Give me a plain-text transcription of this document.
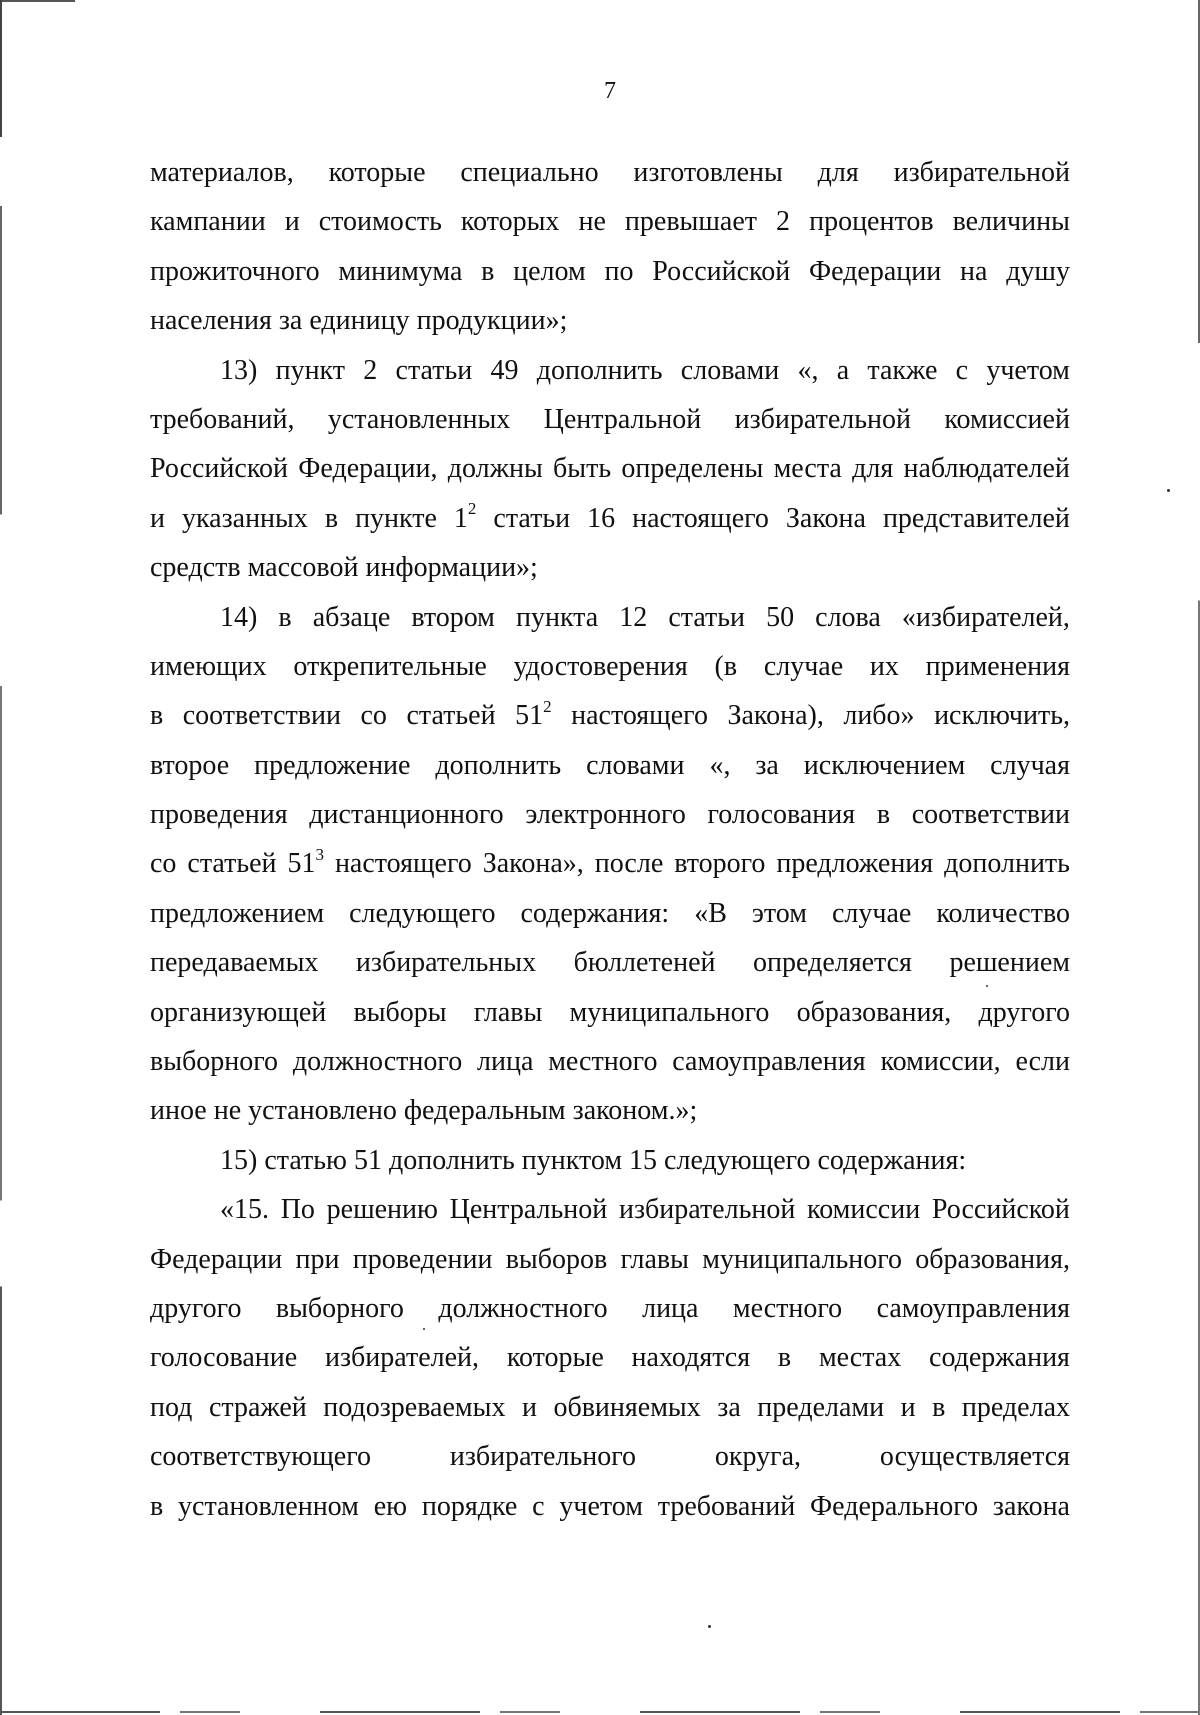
7
материалов, которые специально изготовлены для избирательной
кампании и стоимость которых не превышает 2 процентов величины
прожиточного минимума в целом по Российской Федерации на душу
населения за единицу продукции»;
13) пункт 2 статьи 49 дополнить словами «, а также с учетом
требований, установленных Центральной избирательной комиссией
Российской Федерации, должны быть определены места для наблюдателей
и указанных в пункте $1^2$ статьи 16 настоящего Закона представителей
средств массовой информации»;
14) в абзаце втором пункта 12 статьи 50 слова «избирателей,
имеющих открепительные удостоверения (в случае их применения
в соответствии со статьей $51^2$ настоящего Закона), либо» исключить,
второе предложение дополнить словами «, за исключением случая
проведения дистанционного электронного голосования в соответствии
со статьей $51^3$ настоящего Закона», после второго предложения дополнить
предложением следующего содержания: «В этом случае количество
передаваемых избирательных бюллетеней определяется решением
организующей выборы главы муниципального образования, другого
выборного должностного лица местного самоуправления комиссии, если
иное не установлено федеральным законом.»;
15) статью 51 дополнить пунктом 15 следующего содержания:
«15. По решению Центральной избирательной комиссии Российской
Федерации при проведении выборов главы муниципального образования,
другого выборного должностного лица местного самоуправления
голосование избирателей, которые находятся в местах содержания
под стражей подозреваемых и обвиняемых за пределами и в пределах
соответствующего	избирательного	округа,	осуществляется
в установленном ею порядке с учетом требований Федерального закона
